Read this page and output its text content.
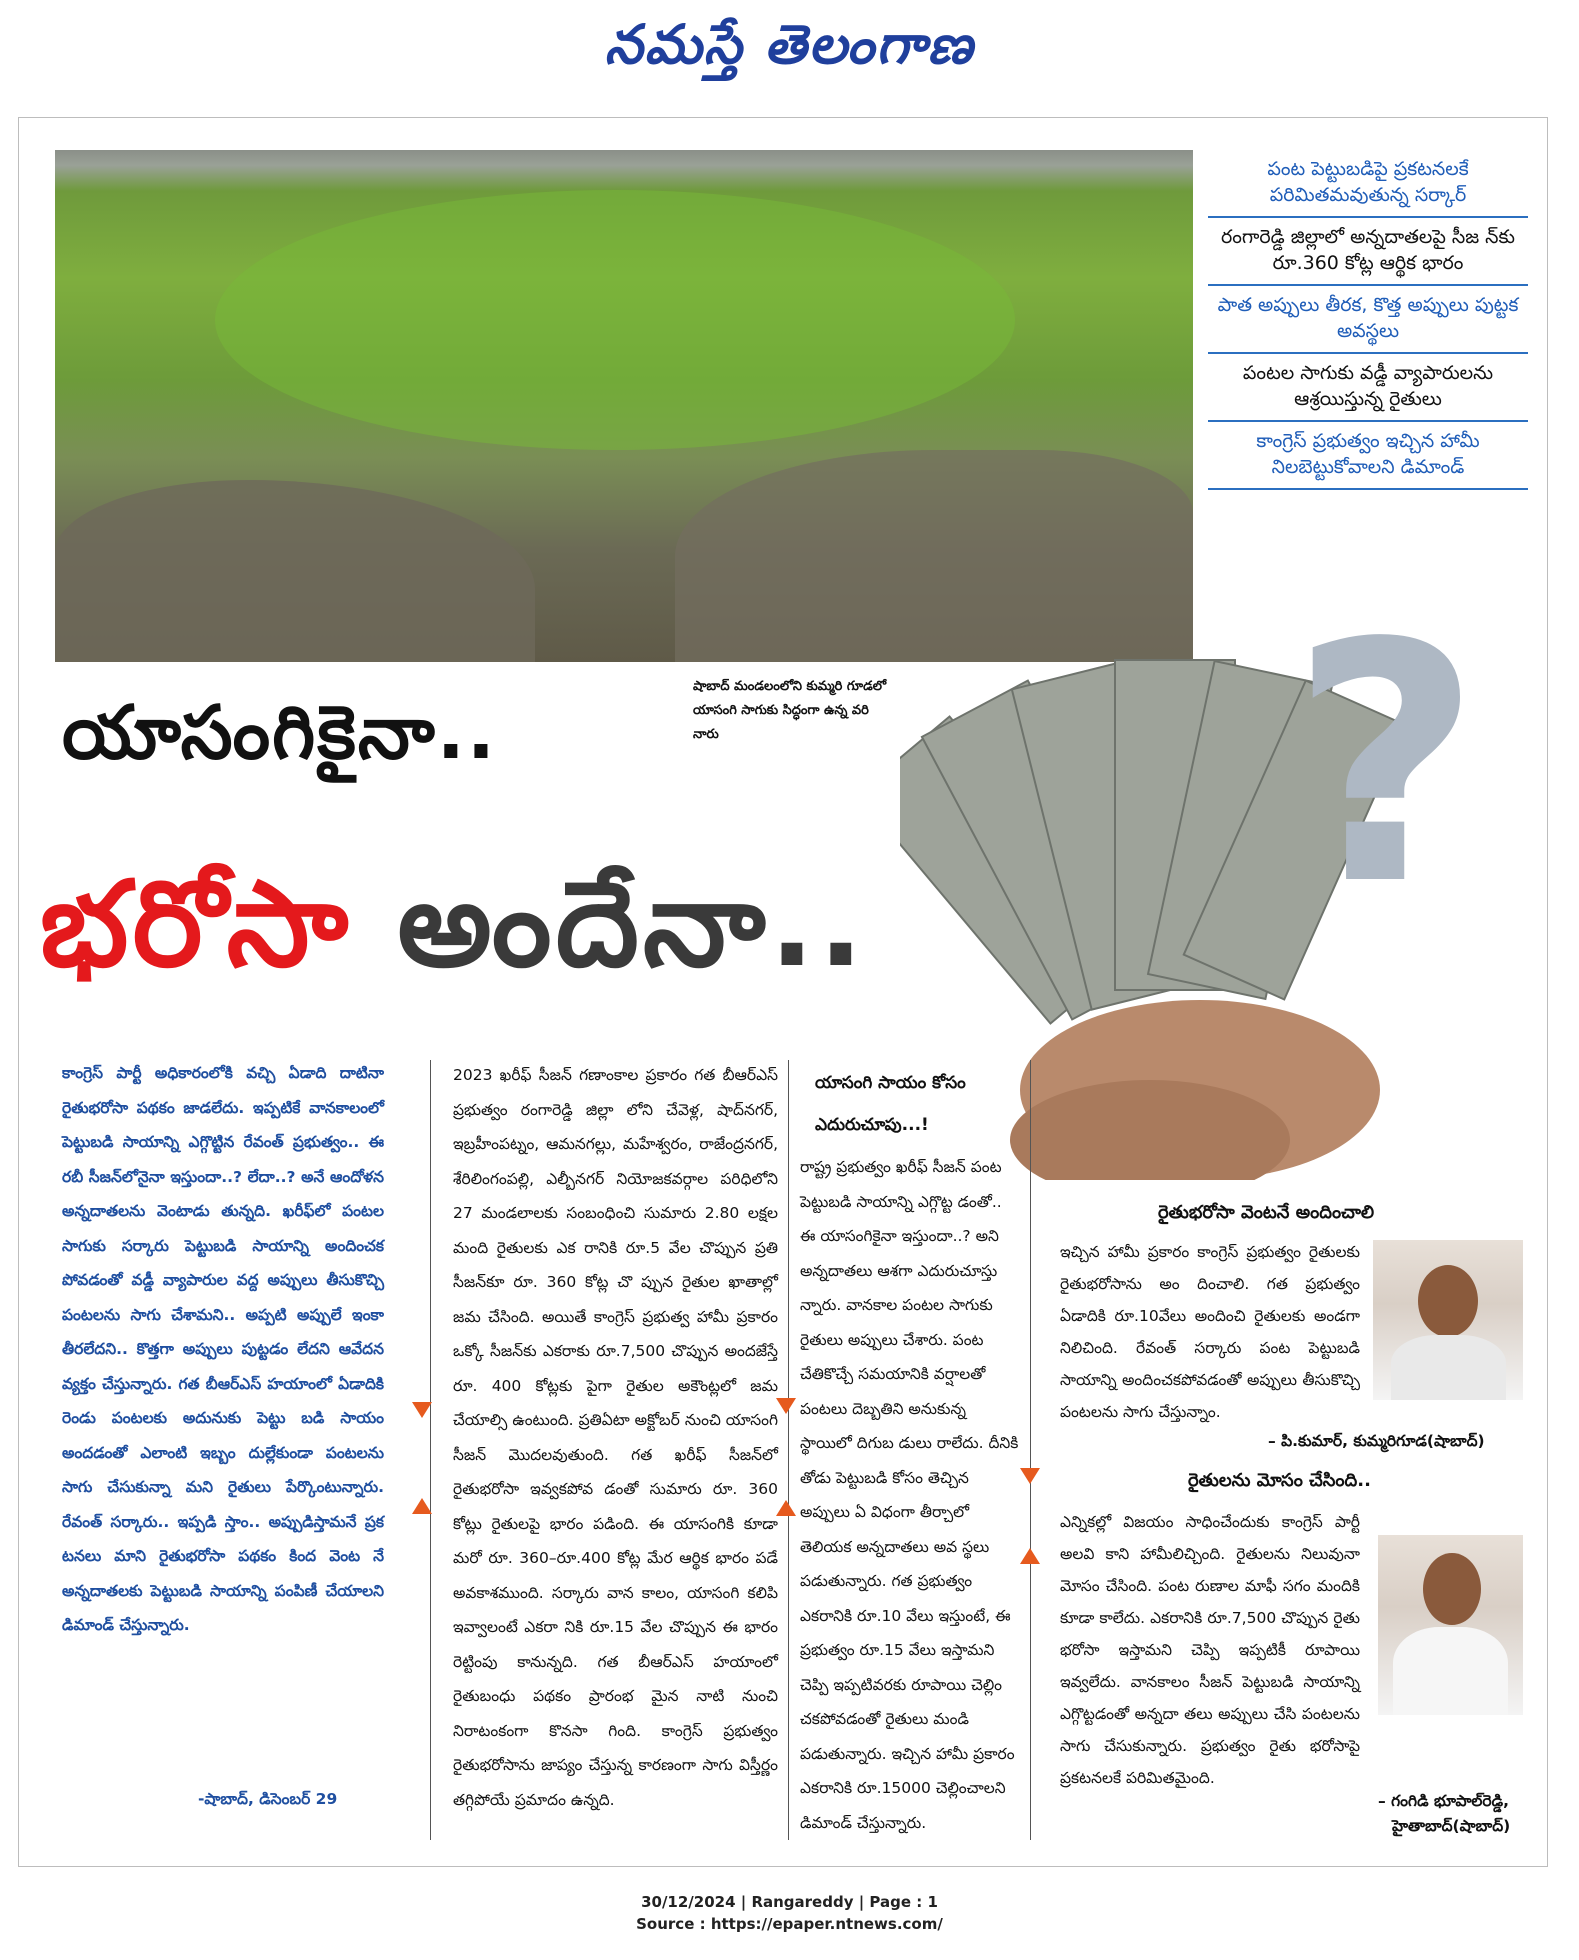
నమస్తే తెలంగాణ
పంట పెట్టుబడిపై ప్రకటనలకే పరిమితమవుతున్న సర్కార్
రంగారెడ్డి జిల్లాలో అన్నదాతలపై సీజ న్‌కు రూ.360 కోట్ల ఆర్థిక భారం
పాత అప్పులు తీరక, కొత్త అప్పులు పుట్టక అవస్థలు
పంటల సాగుకు వడ్డీ వ్యాపారులను ఆశ్రయిస్తున్న రైతులు
కాంగ్రెస్‌ ప్రభుత్వం ఇచ్చిన హామీ నిలబెట్టుకోవాలని డిమాండ్‌
షాబాద్‌ మండలంలోని కుమ్మరి గూడలో యాసంగి సాగుకు సిద్ధంగా ఉన్న వరి నారు
యాసంగికైనా.. ?
భరోసా అందేనా..
కాంగ్రెస్‌ పార్టీ అధికారంలోకి వచ్చి ఏడాది దాటినా రైతుభరోసా పథకం జాడలేదు. ఇప్పటికే వానకాలంలో పెట్టుబడి సాయాన్ని ఎగ్గొట్టిన రేవంత్‌ ప్రభుత్వం.. ఈ రబీ సీజన్‌లోనైనా ఇస్తుందా..? లేదా..? అనే ఆందోళన అన్నదాతలను వెంటాడు తున్నది. ఖరీఫ్‌లో పంటల సాగుకు సర్కారు పెట్టుబడి సాయాన్ని అందించక పోవడంతో వడ్డీ వ్యాపారుల వద్ద అప్పులు తీసుకొచ్చి పంటలను సాగు చేశామని.. అప్పటి అప్పులే ఇంకా తీరలేదని.. కొత్తగా అప్పులు పుట్టడం లేదని ఆవేదన వ్యక్తం చేస్తున్నారు. గత బీఆర్‌ఎస్‌ హయాంలో ఏడాదికి రెండు పంటలకు అదునుకు పెట్టు బడి సాయం అందడంతో ఎలాంటి ఇబ్బం దుల్లేకుండా పంటలను సాగు చేసుకున్నా మని రైతులు పేర్కొంటున్నారు. రేవంత్‌ సర్కారు.. ఇప్పడి స్తాం.. అప్పుడిస్తామనే ప్రక టనలు మాని రైతుభరోసా పథకం కింద వెంట నే అన్నదాతలకు పెట్టుబడి సాయాన్ని పంపిణీ చేయాలని డిమాండ్‌ చేస్తున్నారు.
-షాబాద్‌, డిసెంబర్‌ 29
2023 ఖరీఫ్‌ సీజన్‌ గణాంకాల ప్రకారం గత బీఆర్‌ఎస్‌ ప్రభుత్వం రంగారెడ్డి జిల్లా లోని చేవెళ్ల, షాద్‌నగర్‌, ఇబ్రహీంపట్నం, ఆమనగల్లు, మహేశ్వరం, రాజేంద్రనగర్‌, శేరిలింగంపల్లి, ఎల్బీనగర్‌ నియోజకవర్గాల పరిధిలోని 27 మండలాలకు సంబంధించి సుమారు 2.80 లక్షల మంది రైతులకు ఎక రానికి రూ.5 వేల చొప్పున ప్రతి సీజన్‌కూ రూ. 360 కోట్ల చొ ప్పున రైతుల ఖాతాల్లో జమ చేసింది. అయితే కాంగ్రెస్‌ ప్రభుత్వ హామీ ప్రకారం ఒక్కో సీజన్‌కు ఎకరాకు రూ.7,500 చొప్పున అందజేస్తే రూ. 400 కోట్లకు పైగా రైతుల అకౌంట్లలో జమ చేయాల్సి ఉంటుంది. ప్రతిఏటా అక్టోబర్‌ నుంచి యాసంగి సీజన్‌ మొదలవుతుంది. గత ఖరీఫ్‌ సీజన్‌లో రైతుభరోసా ఇవ్వకపోవ డంతో సుమారు రూ. 360 కోట్లు రైతులపై భారం పడింది. ఈ యాసంగికి కూడా మరో రూ. 360–రూ.400 కోట్ల మేర ఆర్థిక భారం పడే అవకాశముంది. సర్కారు వాన కాలం, యాసంగి కలిపి ఇవ్వాలంటే ఎకరా నికి రూ.15 వేల చొప్పున ఈ భారం రెట్టింపు కానున్నది. గత బీఆర్‌ఎస్‌ హయాంలో రైతుబంధు పథకం ప్రారంభ మైన నాటి నుంచి నిరాటంకంగా కొనసా గింది. కాంగ్రెస్‌ ప్రభుత్వం రైతుభరోసాను జాప్యం చేస్తున్న కారణంగా సాగు విస్తీర్ణం తగ్గిపోయే ప్రమాదం ఉన్నది.
యాసంగి సాయం కోసం ఎదురుచూపు...!
రాష్ట్ర ప్రభుత్వం ఖరీఫ్‌ సీజన్‌ పంట పెట్టుబడి సాయాన్ని ఎగ్గొట్ట డంతో.. ఈ యాసంగికైనా ఇస్తుందా..? అని అన్నదాతలు ఆశగా ఎదురుచూస్తు న్నారు. వానకాల పంటల సాగుకు రైతులు అప్పులు చేశారు. పంట చేతికొచ్చే సమయానికి వర్షాలతో పంటలు దెబ్బతిని అనుకున్న స్థాయిలో దిగుబ డులు రాలేదు. దీనికి తోడు పెట్టుబడి కోసం తెచ్చిన అప్పులు ఏ విధంగా తీర్చాలో తెలియక అన్నదాతలు అవ స్థలు పడుతున్నారు. గత ప్రభుత్వం ఎకరానికి రూ.10 వేలు ఇస్తుంటే, ఈ ప్రభుత్వం రూ.15 వేలు ఇస్తామని చెప్పి ఇప్పటివరకు రూపాయి చెల్లిం చకపోవడంతో రైతులు మండి పడుతున్నారు. ఇచ్చిన హామీ ప్రకారం ఎకరానికి రూ.15000 చెల్లించాలని డిమాండ్‌ చేస్తున్నారు.
రైతుభరోసా వెంటనే అందించాలి
ఇచ్చిన హామీ ప్రకారం కాంగ్రెస్‌ ప్రభుత్వం రైతులకు రైతుభరోసాను అం దించాలి. గత ప్రభుత్వం ఏడాదికి రూ.10వేలు అందించి రైతులకు అండగా నిలిచింది. రేవంత్‌ సర్కారు పంట పెట్టుబడి సాయాన్ని అందించకపోవడంతో అప్పులు తీసుకొచ్చి పంటలను సాగు చేస్తున్నాం.
– పి.కుమార్‌, కుమ్మరిగూడ(షాబాద్‌)
రైతులను మోసం చేసింది..
ఎన్నికల్లో విజయం సాధించేందుకు కాంగ్రెస్‌ పార్టీ అలవి కాని హామీలిచ్చింది. రైతులను నిలువునా మోసం చేసింది. పంట రుణాల మాఫీ సగం మందికి కూడా కాలేదు. ఎకరానికి రూ.7,500 చొప్పున రైతు భరోసా ఇస్తామని చెప్పి ఇప్పటికీ రూపాయి ఇవ్వలేదు. వానకాలం సీజన్‌ పెట్టుబడి సాయాన్ని ఎగ్గొట్టడంతో అన్నదా తలు అప్పులు చేసి పంటలను సాగు చేసుకున్నారు. ప్రభుత్వం రైతు భరోసాపై ప్రకటనలకే పరిమితమైంది.
– గంగిడి భూపాల్‌రెడ్డి,
హైతాబాద్‌(షాబాద్‌)
30/12/2024 | Rangareddy | Page : 1
Source : https://epaper.ntnews.com/
